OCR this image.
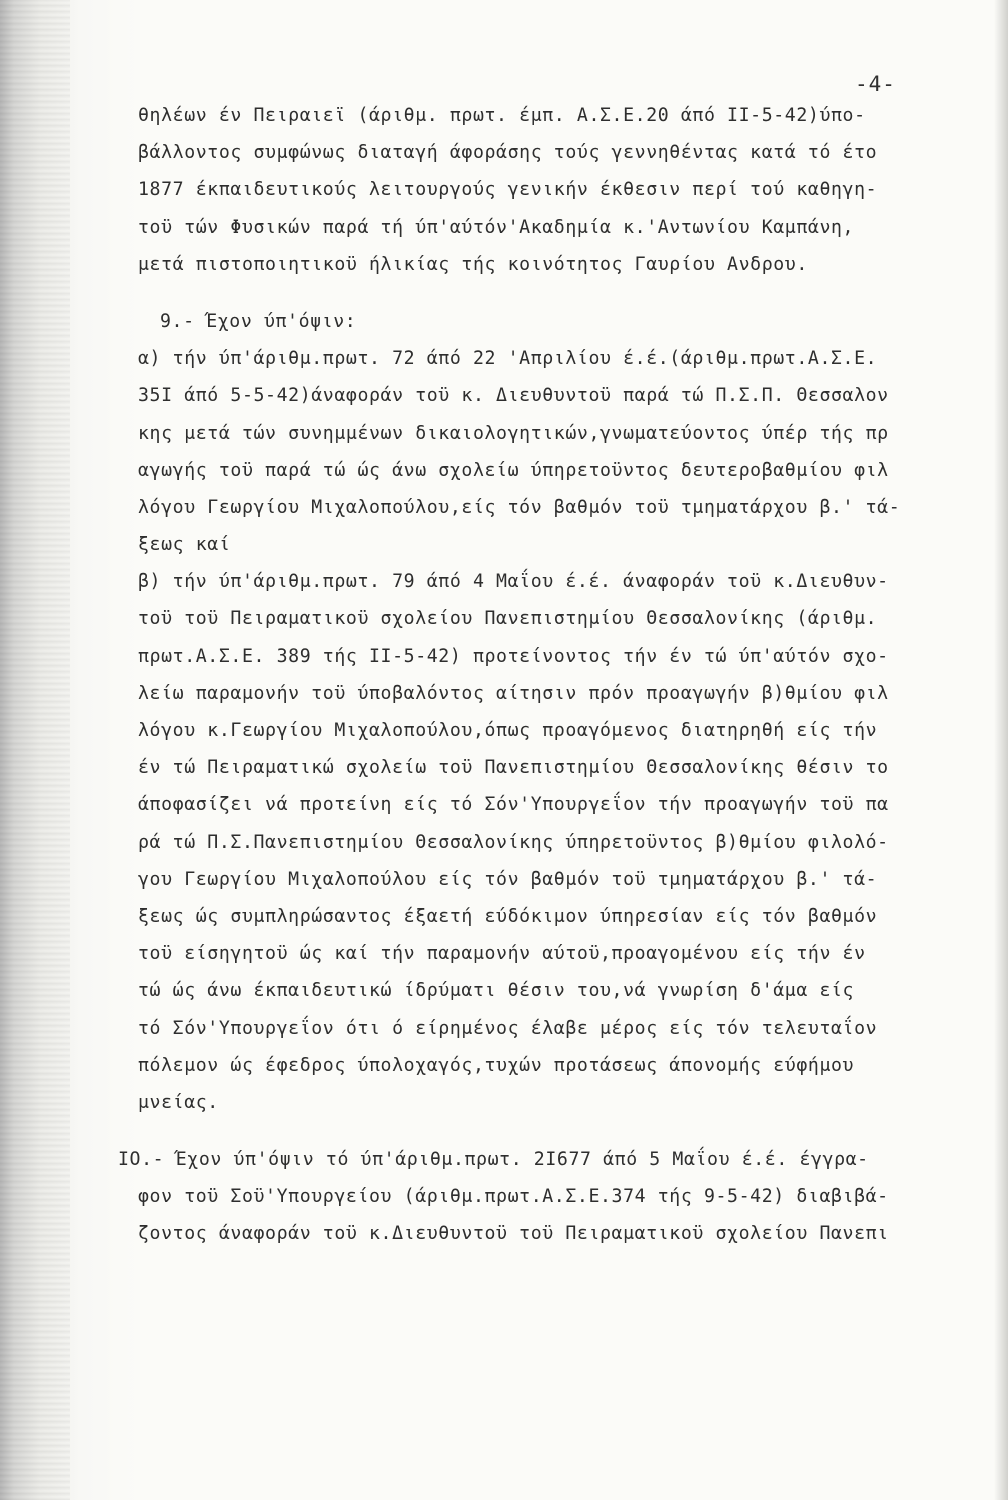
-4-
θηλέων έν Πειραιεϊ (άριθμ. πρωτ. έμπ. Α.Σ.Ε.20 άπό ΙΙ-5-42)ύπο-
βάλλοντος συμφώνως διαταγή άφοράσης τούς γεννηθέντας κατά τό έτο
1877 έκπαιδευτικούς λειτουργούς γενικήν έκθεσιν περί τού καθηγη-
τοϋ τών Φυσικών παρά τή ύπ'αύτόν'Ακαδημία κ.'Αντωνίου Καμπάνη,
μετά πιστοποιητικοϋ ήλικίας τής κοινότητος Γαυρίου Ανδρου.
9.- Έχον ύπ'όψιν:
α) τήν ύπ'άριθμ.πρωτ. 72 άπό 22 'Απριλίου έ.έ.(άριθμ.πρωτ.Α.Σ.Ε.
35Ι άπό 5-5-42)άναφοράν τοϋ κ. Διευθυντοϋ παρά τώ Π.Σ.Π. Θεσσαλον
κης μετά τών συνημμένων δικαιολογητικών,γνωματεύοντος ύπέρ τής πρ
αγωγής τοϋ παρά τώ ώς άνω σχολείω ύπηρετοϋντος δευτεροβαθμίου φιλ
λόγου Γεωργίου Μιχαλοπούλου,είς τόν βαθμόν τοϋ τμηματάρχου β.' τά-
ξεως καί
β) τήν ύπ'άριθμ.πρωτ. 79 άπό 4 Μαΐου έ.έ. άναφοράν τοϋ κ.Διευθυν-
τοϋ τοϋ Πειραματικοϋ σχολείου Πανεπιστημίου Θεσσαλονίκης (άριθμ.
πρωτ.Α.Σ.Ε. 389 τής ΙΙ-5-42) προτείνοντος τήν έν τώ ύπ'αύτόν σχο-
λείω παραμονήν τοϋ ύποβαλόντος αίτησιν πρόν προαγωγήν β)θμίου φιλ
λόγου κ.Γεωργίου Μιχαλοπούλου,όπως προαγόμενος διατηρηθή είς τήν
έν τώ Πειραματικώ σχολείω τοϋ Πανεπιστημίου Θεσσαλονίκης θέσιν το
άποφασίζει νά προτείνη είς τό Σόν'Υπουργεΐον τήν προαγωγήν τοϋ πα
ρά τώ Π.Σ.Πανεπιστημίου Θεσσαλονίκης ύπηρετοϋντος β)θμίου φιλολό-
γου Γεωργίου Μιχαλοπούλου είς τόν βαθμόν τοϋ τμηματάρχου β.' τά-
ξεως ώς συμπληρώσαντος έξαετή εύδόκιμον ύπηρεσίαν είς τόν βαθμόν
τοϋ είσηγητοϋ ώς καί τήν παραμονήν αύτοϋ,προαγομένου είς τήν έν
τώ ώς άνω έκπαιδευτικώ ίδρύματι θέσιν του,νά γνωρίση δ'άμα είς
τό Σόν'Υπουργεΐον ότι ό είρημένος έλαβε μέρος είς τόν τελευταΐον
πόλεμον ώς έφεδρος ύπολοχαγός,τυχών προτάσεως άπονομής εύφήμου
μνείας.
ΙΟ.- Έχον ύπ'όψιν τό ύπ'άριθμ.πρωτ. 2Ι677 άπό 5 Μαΐου έ.έ. έγγρα-
φον τοϋ Σοϋ'Υπουργείου (άριθμ.πρωτ.Α.Σ.Ε.374 τής 9-5-42) διαβιβά-
ζοντος άναφοράν τοϋ κ.Διευθυντοϋ τοϋ Πειραματικοϋ σχολείου Πανεπι
